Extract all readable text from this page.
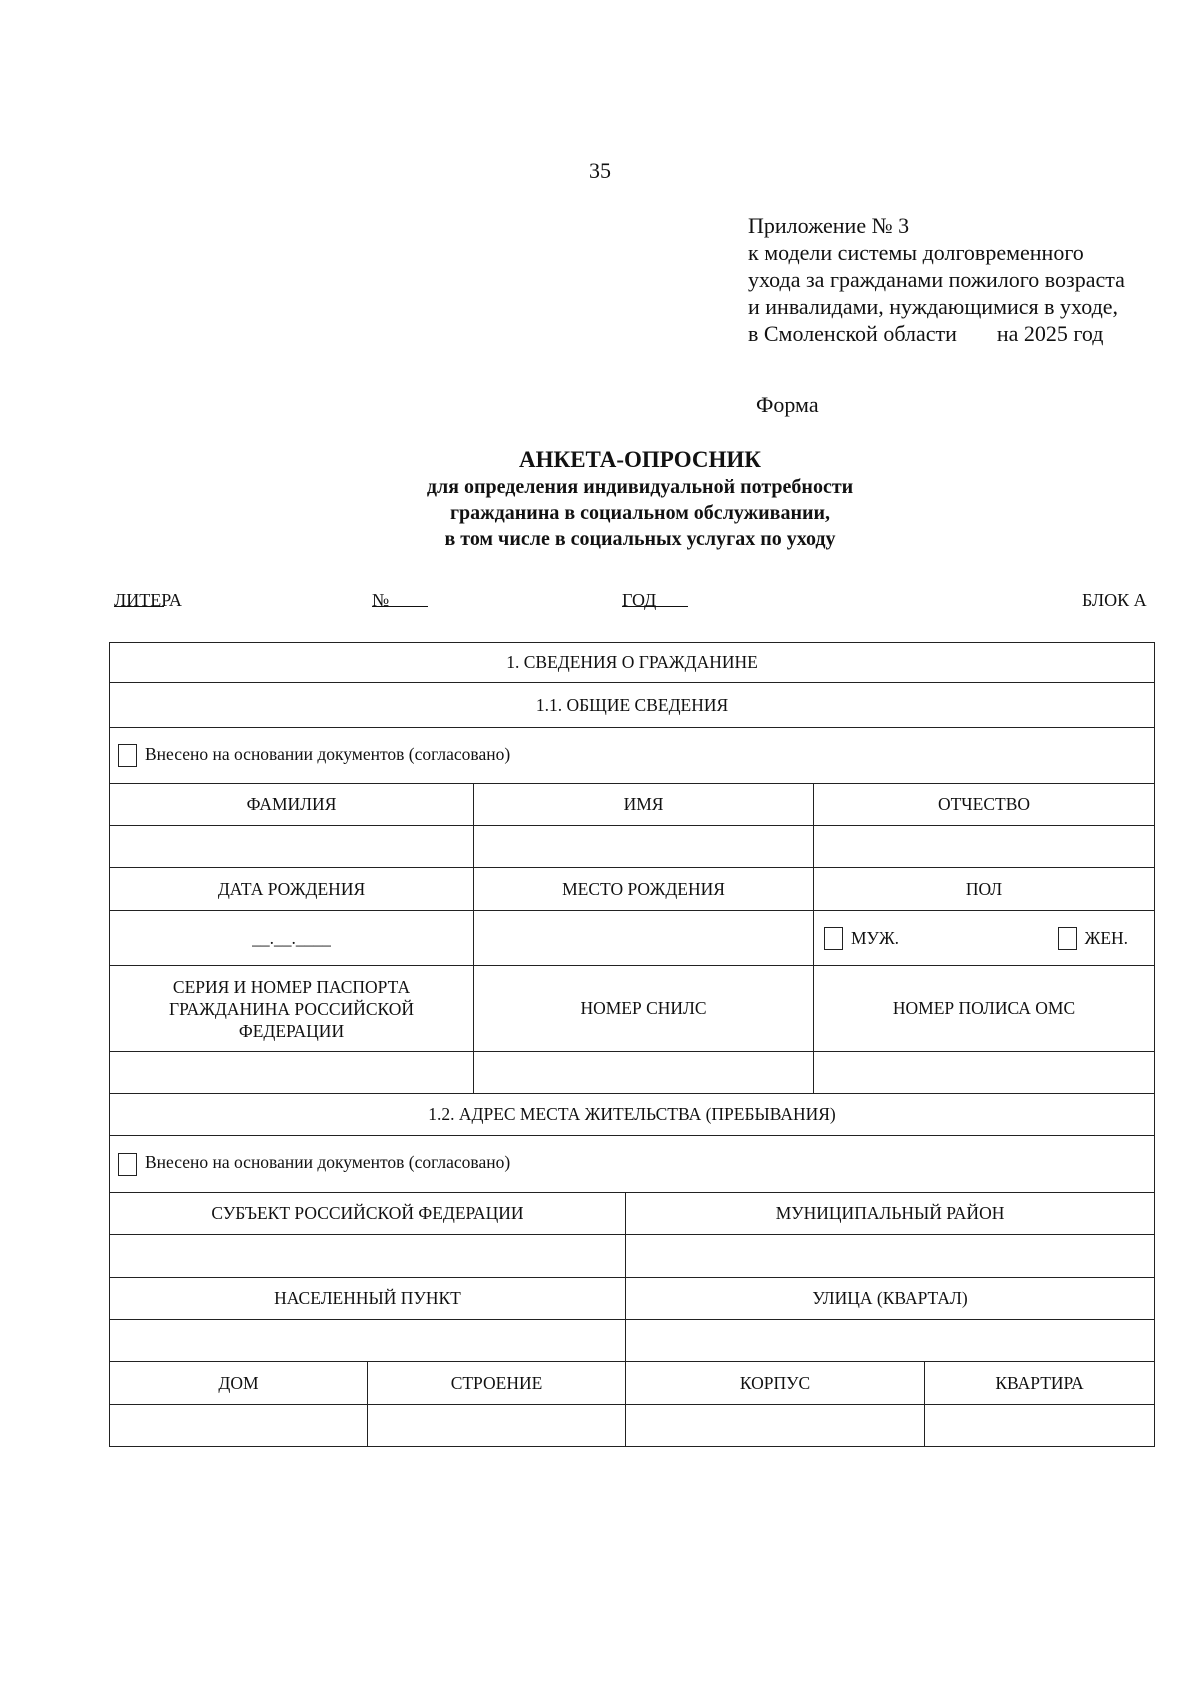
35
Приложение № 3
к модели системы долговременного
ухода за гражданами пожилого возраста
и инвалидами, нуждающимися в уходе,
в Смоленской области на 2025 год
Форма
АНКЕТА-ОПРОСНИК
для определения индивидуальной потребности
гражданина в социальном обслуживании,
в том числе в социальных услугах по уходу
ЛИТЕРА	№	ГОД	БЛОК А
1. СВЕДЕНИЯ О ГРАЖДАНИНЕ					
1.1. ОБЩИЕ СВЕДЕНИЯ					
Внесено на основании документов (согласовано)					
ФАМИЛИЯ		ИМЯ		ОТЧЕСТВО	

ДАТА РОЖДЕНИЯ		МЕСТО РОЖДЕНИЯ		ПОЛ	
__.__.____				МУЖ. ЖЕН.	

СЕРИЯ И НОМЕР ПАСПОРТА ГРАЖДАНИНА РОССИЙСКОЙ ФЕДЕРАЦИИ		НОМЕР СНИЛС		НОМЕР ПОЛИСА ОМС	

1.2. АДРЕС МЕСТА ЖИТЕЛЬСТВА (ПРЕБЫВАНИЯ)					
Внесено на основании документов (согласовано)					
СУБЪЕКТ РОССИЙСКОЙ ФЕДЕРАЦИИ			МУНИЦИПАЛЬНЫЙ РАЙОН		

НАСЕЛЕННЫЙ ПУНКТ			УЛИЦА (КВАРТАЛ)		

ДОМ	СТРОЕНИЕ		КОРПУС		КВАРТИРА
